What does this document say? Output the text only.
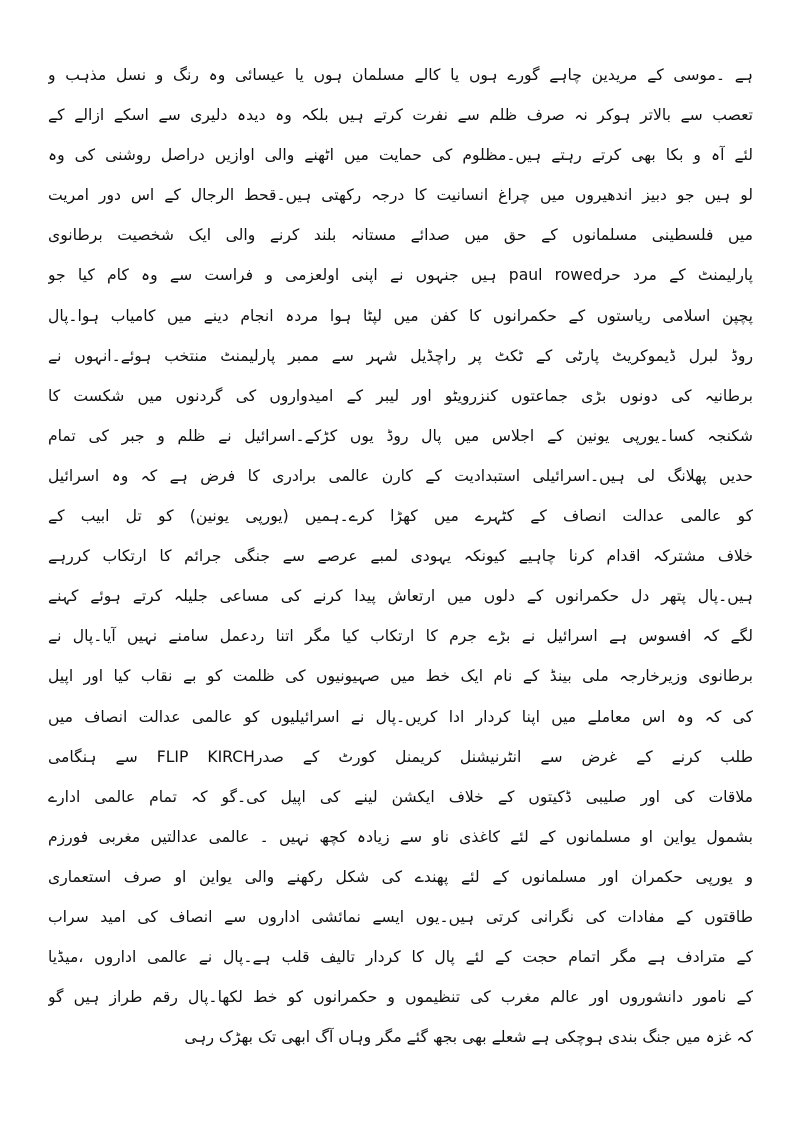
ہے ۔موسی کے مریدین چاہے گورے ہوں یا کالے مسلمان ہوں یا عیسائی وہ رنگ و نسل مذہب و
تعصب سے بالاتر ہوکر نہ صرف ظلم سے نفرت کرتے ہیں بلکہ وہ دیدہ دلیری سے اسکے ازالے کے
لئے آہ و بکا بھی کرتے رہتے ہیں۔مظلوم کی حمایت میں اٹھنے والی اوازیں دراصل روشنی کی وہ
لو ہیں جو دبیز اندھیروں میں چراغ انسانیت کا درجہ رکھتی ہیں۔قحط الرجال کے اس دور امریت
میں فلسطینی مسلمانوں کے حق میں صدائے مستانہ بلند کرنے والی ایک شخصیت برطانوی
پارلیمنٹ کے مرد حرpaul rowed ہیں جنہوں نے اپنی اولعزمی و فراست سے وہ کام کیا جو
پچپن اسلامی ریاستوں کے حکمرانوں کا کفن میں لپٹا ہوا مردہ انجام دینے میں کامیاب ہوا۔پال
روڈ لبرل ڈیموکریٹ پارٹی کے ٹکٹ پر راچڈیل شہر سے ممبر پارلیمنٹ منتخب ہوئے۔انہوں نے
برطانیہ کی دونوں بڑی جماعتوں کنزرویٹو اور لیبر کے امیدواروں کی گردنوں میں شکست کا
شکنجہ کسا۔یورپی یونین کے اجلاس میں پال روڈ یوں کڑکے۔اسرائیل نے ظلم و جبر کی تمام
حدیں پھلانگ لی ہیں۔اسرائیلی استبدادیت کے کارن عالمی برادری کا فرض ہے کہ وہ اسرائیل
کو عالمی عدالت انصاف کے کٹہرے میں کھڑا کرے۔ہمیں (یورپی یونین) کو تل ابیب کے
خلاف مشترکہ اقدام کرنا چاہیے کیونکہ یہودی لمبے عرصے سے جنگی جرائم کا ارتکاب کررہے
ہیں۔پال پتھر دل حکمرانوں کے دلوں میں ارتعاش پیدا کرنے کی مساعی جلیلہ کرتے ہوئے کہنے
لگے کہ افسوس ہے اسرائیل نے بڑے جرم کا ارتکاب کیا مگر اتنا ردعمل سامنے نہیں آیا۔پال نے
برطانوی وزیرخارجہ ملی بینڈ کے نام ایک خط میں صہیونیوں کی ظلمت کو بے نقاب کیا اور اپیل
کی کہ وہ اس معاملے میں اپنا کردار ادا کریں۔پال نے اسرائیلیوں کو عالمی عدالت انصاف میں
طلب کرنے کے غرض سے انٹرنیشنل کریمنل کورٹ کے صدرFLIP KIRCH سے ہنگامی
ملاقات کی اور صلیبی ڈکیتوں کے خلاف ایکشن لینے کی اپیل کی۔گو کہ تمام عالمی ادارے
بشمول یواین او مسلمانوں کے لئے کاغذی ناو سے زیادہ کچھ نہیں ۔ عالمی عدالتیں مغربی فورزم
و یورپی حکمران اور مسلمانوں کے لئے پھندے کی شکل رکھنے والی یواین او صرف استعماری
طاقتوں کے مفادات کی نگرانی کرتی ہیں۔یوں ایسے نمائشی اداروں سے انصاف کی امید سراب
کے مترادف ہے مگر اتمام حجت کے لئے پال کا کردار تالیف قلب ہے۔پال نے عالمی اداروں ،میڈیا
کے نامور دانشوروں اور عالم مغرب کی تنظیموں و حکمرانوں کو خط لکھا۔پال رقم طراز ہیں گو
کہ غزہ میں جنگ بندی ہوچکی ہے شعلے بھی بجھ گئے مگر وہاں آگ ابھی تک بھڑک رہی
